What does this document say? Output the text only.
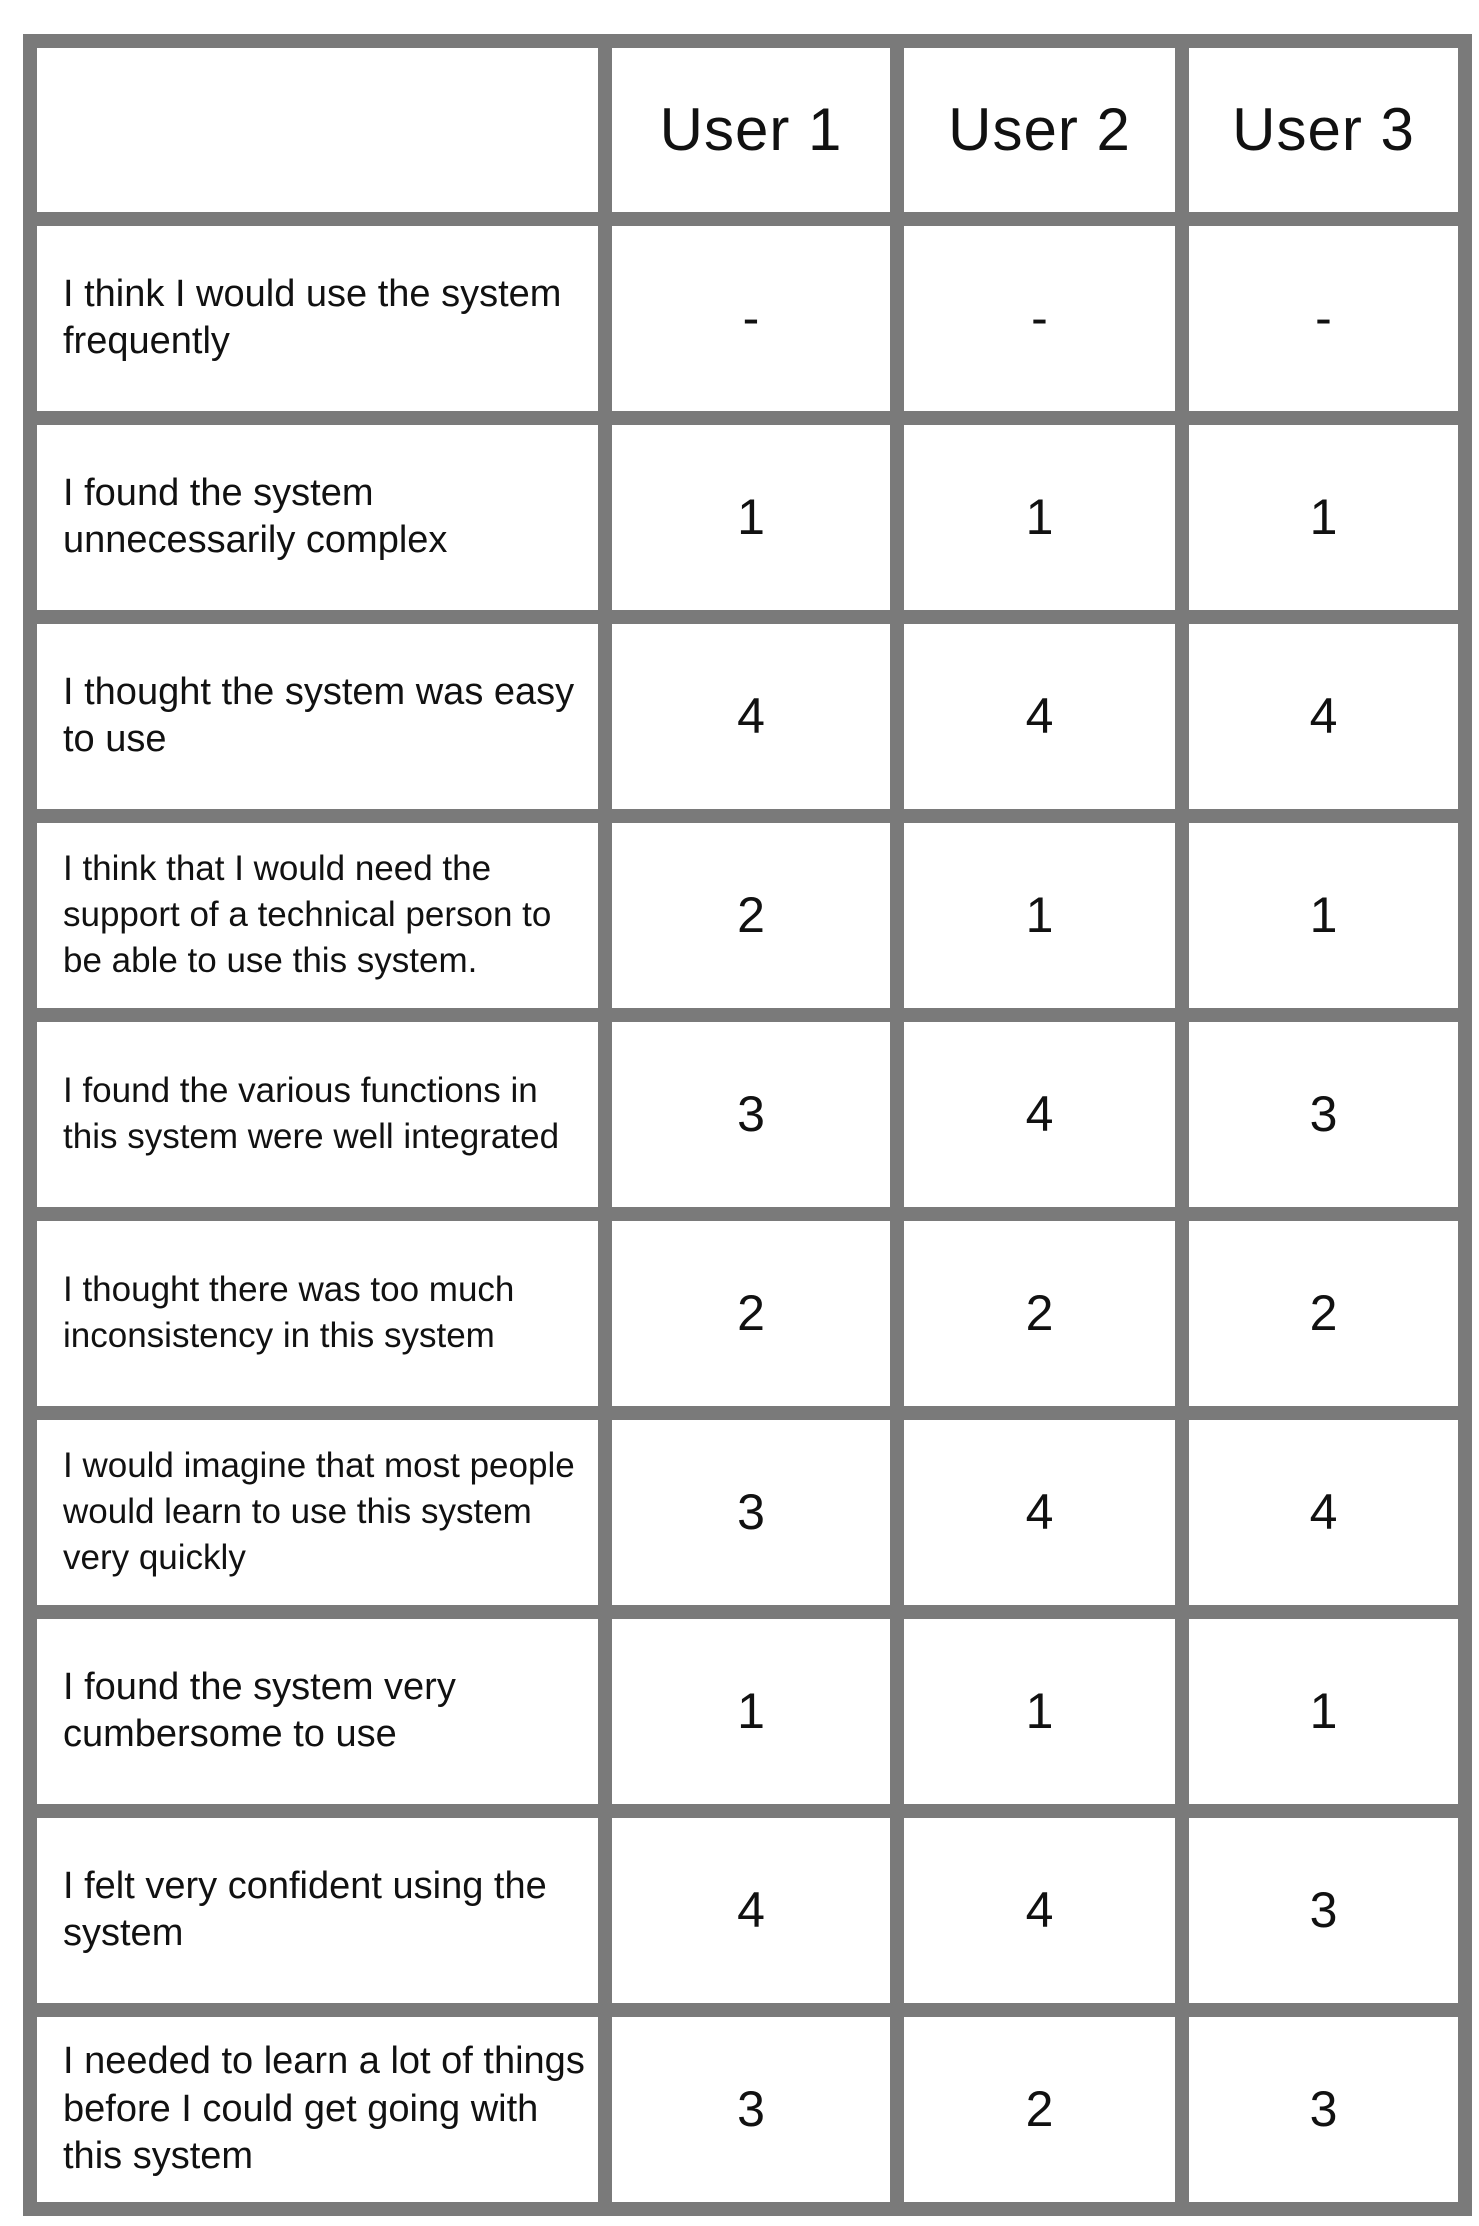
	User 1	User 2	User 3
I think I would use the system frequently	-	-	-
I found the system unnecessarily complex	1	1	1
I thought the system was easy to use	4	4	4
I think that I would need the support of a technical person to be able to use this system.	2	1	1
I found the various functions in this system were well integrated	3	4	3
I thought there was too much inconsistency in this system	2	2	2
I would imagine that most people would learn to use this system very quickly	3	4	4
I found the system very cumbersome to use	1	1	1
I felt very confident using the system	4	4	3
I needed to learn a lot of things before I could get going with this system	3	2	3
